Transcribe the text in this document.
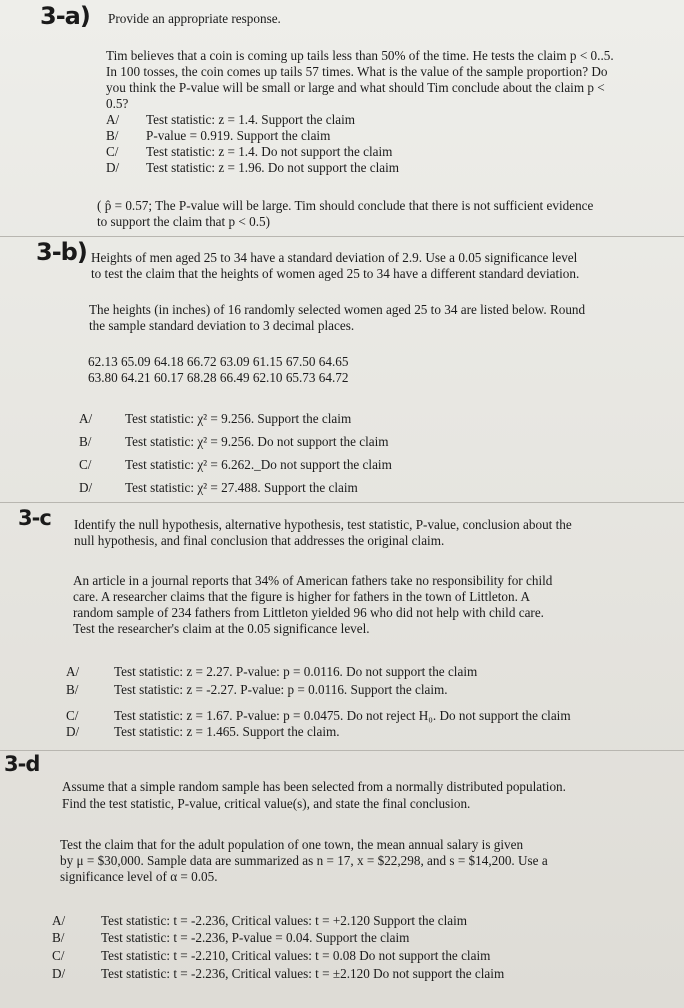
3-a) Provide an appropriate response.
Tim believes that a coin is coming up tails less than 50% of the time. He tests the claim p < 0..5.
In 100 tosses, the coin comes up tails 57 times. What is the value of the sample proportion? Do
you think the P-value will be small or large and what should Tim conclude about the claim p <
0.5?
A/ Test statistic: z = 1.4. Support the claim
B/ P-value = 0.919. Support the claim
C/ Test statistic: z = 1.4. Do not support the claim
D/ Test statistic: z = 1.96. Do not support the claim
( p̂ = 0.57; The P-value will be large. Tim should conclude that there is not sufficient evidence
to support the claim that p < 0.5)
3-b) Heights of men aged 25 to 34 have a standard deviation of 2.9. Use a 0.05 significance level
to test the claim that the heights of women aged 25 to 34 have a different standard deviation.
The heights (in inches) of 16 randomly selected women aged 25 to 34 are listed below. Round
the sample standard deviation to 3 decimal places.
62.13 65.09 64.18 66.72 63.09 61.15 67.50 64.65
63.80 64.21 60.17 68.28 66.49 62.10 65.73 64.72
A/ Test statistic: χ² = 9.256. Support the claim
B/	Test statistic: χ² = 9.256. Do not support the claim
C/	Test statistic: χ² = 6.262._Do not support the claim
D/ Test statistic: χ² = 27.488. Support the claim
3-c Identify the null hypothesis, alternative hypothesis, test statistic, P-value, conclusion about the
null hypothesis, and final conclusion that addresses the original claim.
An article in a journal reports that 34% of American fathers take no responsibility for child
care. A researcher claims that the figure is higher for fathers in the town of Littleton. A
random sample of 234 fathers from Littleton yielded 96 who did not help with child care.
Test the researcher's claim at the 0.05 significance level.
A/	Test statistic: z = 2.27. P-value: p = 0.0116. Do not support the claim
B/	Test statistic: z = -2.27. P-value: p = 0.0116. Support the claim.
C/	Test statistic: z = 1.67. P-value: p = 0.0475. Do not reject H₀. Do not support the claim
D/	Test statistic: z = 1.465. Support the claim.
3-d
Assume that a simple random sample has been selected from a normally distributed population.
Find the test statistic, P-value, critical value(s), and state the final conclusion.
Test the claim that for the adult population of one town, the mean annual salary is given
by μ = $30,000. Sample data are summarized as n = 17, x = $22,298, and s = $14,200. Use a
significance level of α = 0.05.
A/	Test statistic: t = -2.236, Critical values: t = +2.120 Support the claim
B/	Test statistic: t = -2.236, P-value = 0.04. Support the claim
C/	Test statistic: t = -2.210, Critical values: t = 0.08 Do not support the claim
D/	Test statistic: t = -2.236, Critical values: t = ±2.120 Do not support the claim
